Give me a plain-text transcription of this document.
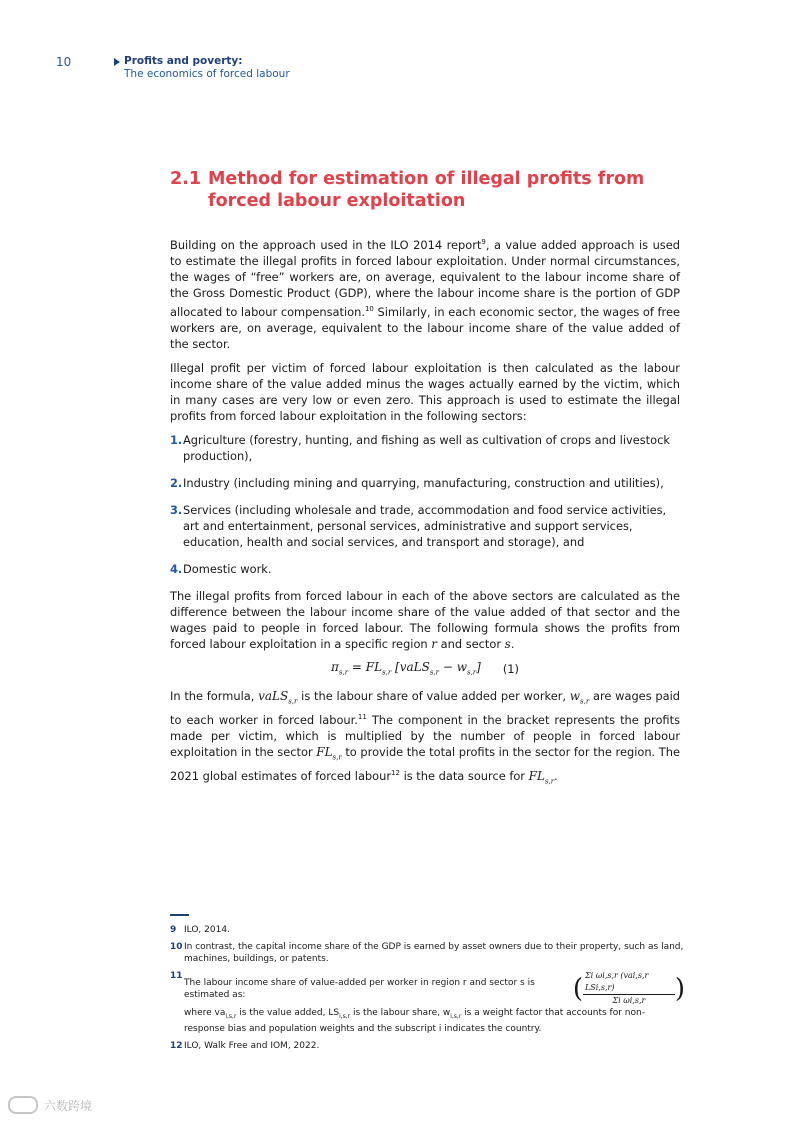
10	Profits and poverty:
The economics of forced labour
2.1 Method for estimation of illegal profits from forced labour exploitation

Building on the approach used in the ILO 2014 report$^9$, a value added approach is used to estimate the illegal profits in forced labour exploitation. Under normal circumstances, the wages of “free” workers are, on average, equivalent to the labour income share of the Gross Domestic Product (GDP), where the labour income share is the portion of GDP allocated to labour compensation.$^{10}$ Similarly, in each economic sector, the wages of free workers are, on average, equivalent to the labour income share of the value added of the sector.

Illegal profit per victim of forced labour exploitation is then calculated as the labour income share of the value added minus the wages actually earned by the victim, which in many cases are very low or even zero. This approach is used to estimate the illegal profits from forced labour exploitation in the following sectors:

1. Agriculture (forestry, hunting, and fishing as well as cultivation of crops and livestock production),
2. Industry (including mining and quarrying, manufacturing, construction and utilities),
3. Services (including wholesale and trade, accommodation and food service activities, art and entertainment, personal services, administrative and support services, education, health and social services, and transport and storage), and
4. Domestic work.

The illegal profits from forced labour in each of the above sectors are calculated as the difference between the labour income share of the value added of that sector and the wages paid to people in forced labour. The following formula shows the profits from forced labour exploitation in a specific region r and sector s.

$\pi_{s,r} = FL_{s,r}$ [vaLS$_{s,r}$ − $w_{s,r}$] (1)

In the formula, vaLS$_{s,r}$ is the labour share of value added per worker, $w_{s,r}$ are wages paid to each worker in forced labour.$^{11}$ The component in the bracket represents the profits made per victim, which is multiplied by the number of people in forced labour exploitation in the sector $FL_{s,r}$ to provide the total profits in the sector for the region. The 2021 global estimates of forced labour$^{12}$ is the data source for $FL_{s,r}$.

9 ILO, 2014.
10 In contrast, the capital income share of the GDP is earned by asset owners due to their property, such as land, machines, buildings, or patents.
11
The labour income share of value-added per worker in region r and sector s is estimated as:	( $\frac{\text{Σi ωi,s,r (vai,s,r LSi,s,r)}}{\text{Σi ωi,s,r}}$ )
where $va_{i,s,r}$ is the value added, $LS_{i,s,r}$ is the labour share, $w_{i,s,r}$ is a weight factor that accounts for non-response bias and population weights and the subscript i indicates the country.
12 ILO, Walk Free and IOM, 2022.
六数跨境
